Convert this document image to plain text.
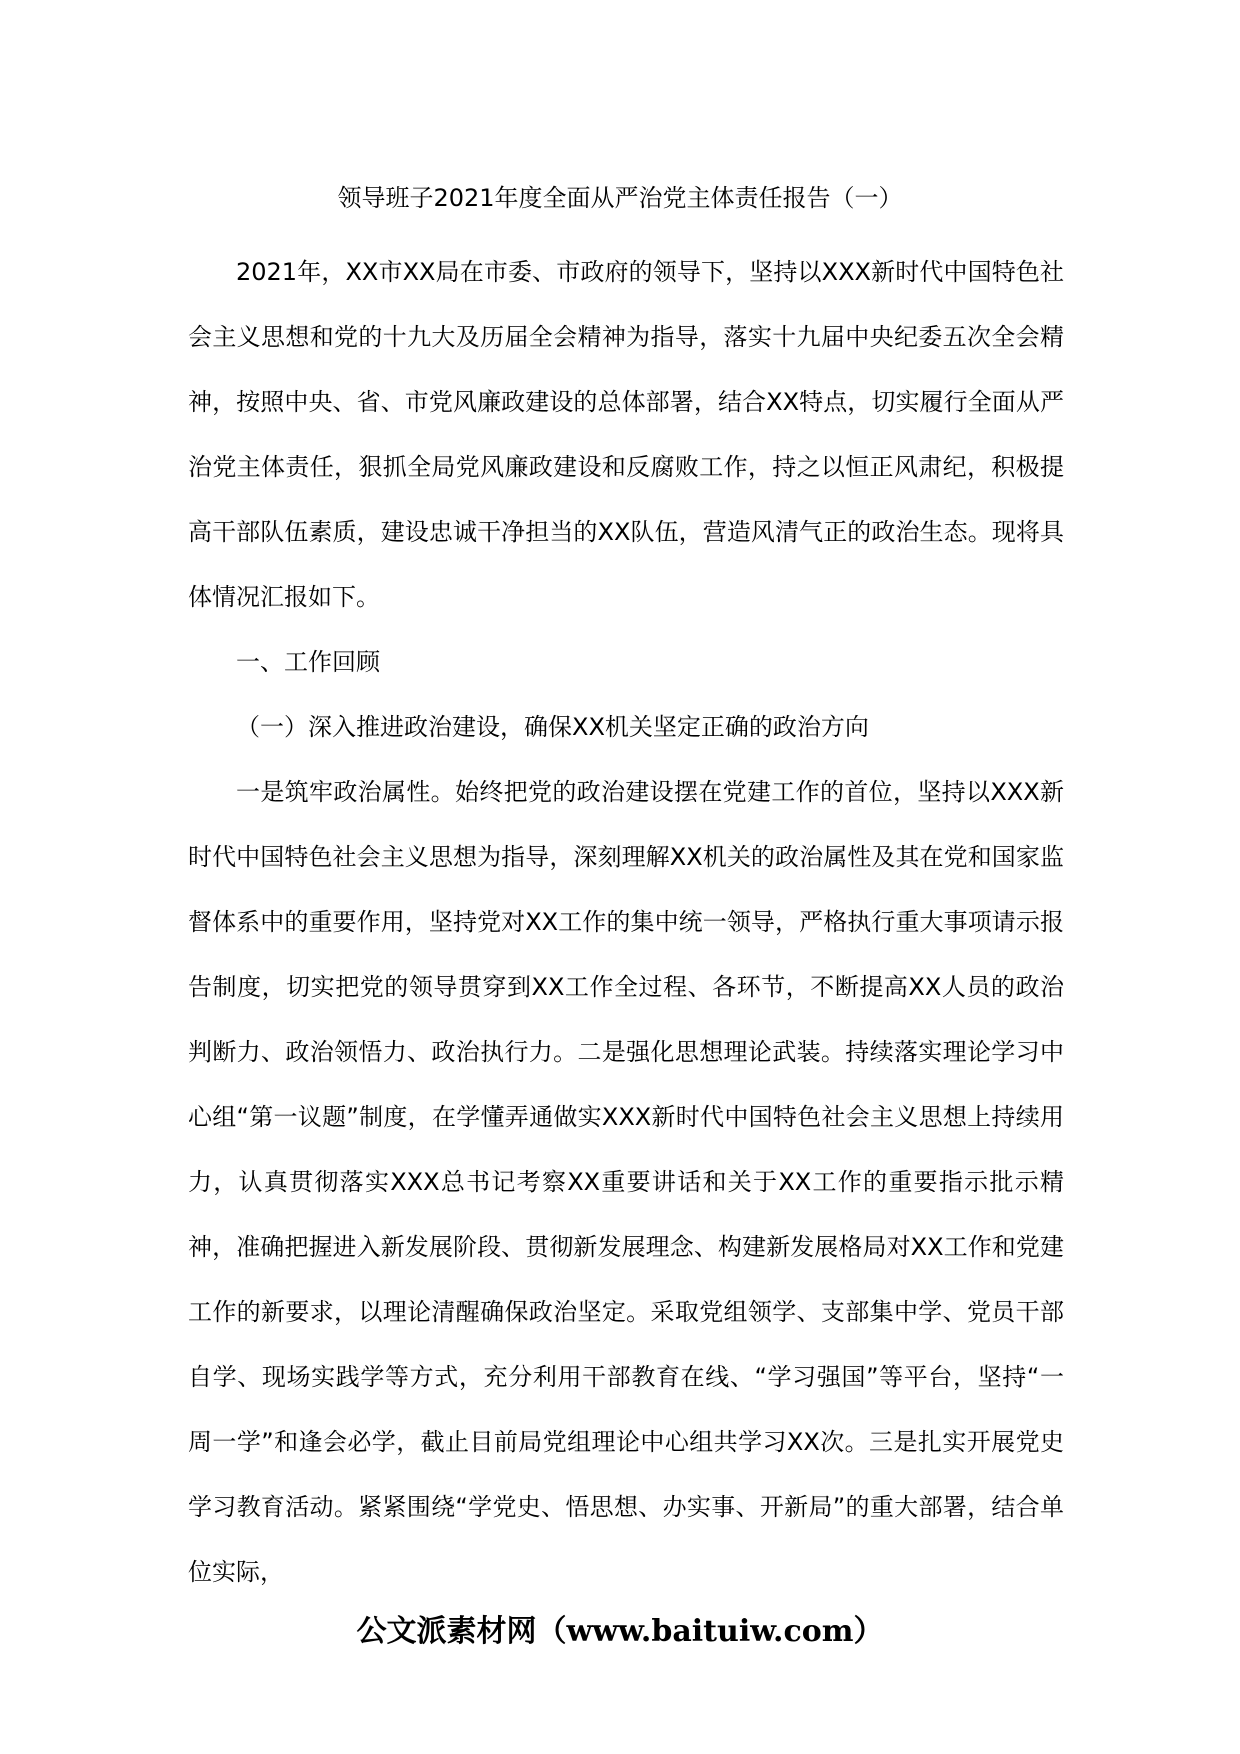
领导班子2021年度全面从严治党主体责任报告（一）

2021年，XX市XX局在市委、市政府的领导下，坚持以XXX新时代中国特色社会主义思想和党的十九大及历届全会精神为指导，落实十九届中央纪委五次全会精神，按照中央、省、市党风廉政建设的总体部署，结合XX特点，切实履行全面从严治党主体责任，狠抓全局党风廉政建设和反腐败工作，持之以恒正风肃纪，积极提高干部队伍素质，建设忠诚干净担当的XX队伍，营造风清气正的政治生态。现将具体情况汇报如下。

一、工作回顾

（一）深入推进政治建设，确保XX机关坚定正确的政治方向

一是筑牢政治属性。始终把党的政治建设摆在党建工作的首位，坚持以XXX新时代中国特色社会主义思想为指导，深刻理解XX机关的政治属性及其在党和国家监督体系中的重要作用，坚持党对XX工作的集中统一领导，严格执行重大事项请示报告制度，切实把党的领导贯穿到XX工作全过程、各环节，不断提高XX人员的政治判断力、政治领悟力、政治执行力。二是强化思想理论武装。持续落实理论学习中心组“第一议题”制度，在学懂弄通做实XXX新时代中国特色社会主义思想上持续用力，认真贯彻落实XXX总书记考察XX重要讲话和关于XX工作的重要指示批示精神，准确把握进入新发展阶段、贯彻新发展理念、构建新发展格局对XX工作和党建工作的新要求，以理论清醒确保政治坚定。采取党组领学、支部集中学、党员干部自学、现场实践学等方式，充分利用干部教育在线、“学习强国”等平台，坚持“一周一学”和逢会必学，截止目前局党组理论中心组共学习XX次。三是扎实开展党史学习教育活动。紧紧围绕“学党史、悟思想、办实事、开新局”的重大部署，结合单位实际，

公文派素材网（www.baituiw.com）
